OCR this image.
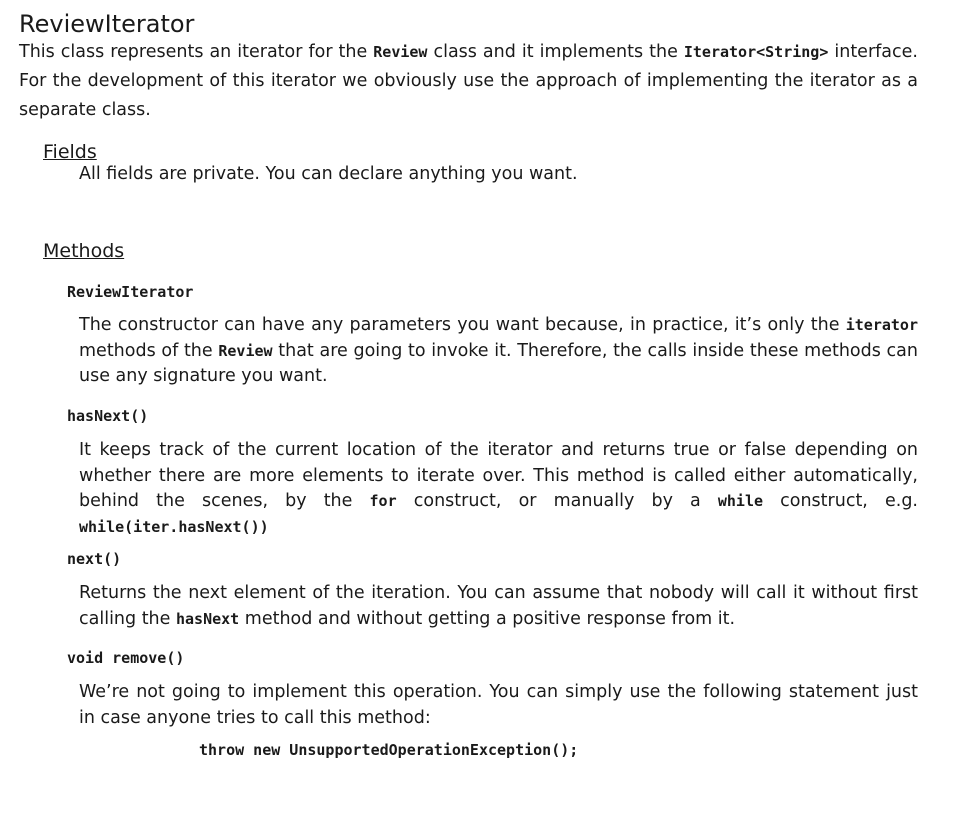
ReviewIterator

This class represents an iterator for the Review class and it implements the Iterator<String> interface. For the development of this iterator we obviously use the approach of implementing the iterator as a separate class.

Fields

All fields are private. You can declare anything you want.

Methods

ReviewIterator

The constructor can have any parameters you want because, in practice, it’s only the iterator methods of the Review that are going to invoke it. Therefore, the calls inside these methods can use any signature you want.

hasNext()

It keeps track of the current location of the iterator and returns true or false depending on whether there are more elements to iterate over. This method is called either automatically, behind the scenes, by the for construct, or manually by a while construct, e.g. while(iter.hasNext())

next()

Returns the next element of the iteration. You can assume that nobody will call it without first calling the hasNext method and without getting a positive response from it.

void remove()

We’re not going to implement this operation. You can simply use the following statement just in case anyone tries to call this method:

throw new UnsupportedOperationException();
